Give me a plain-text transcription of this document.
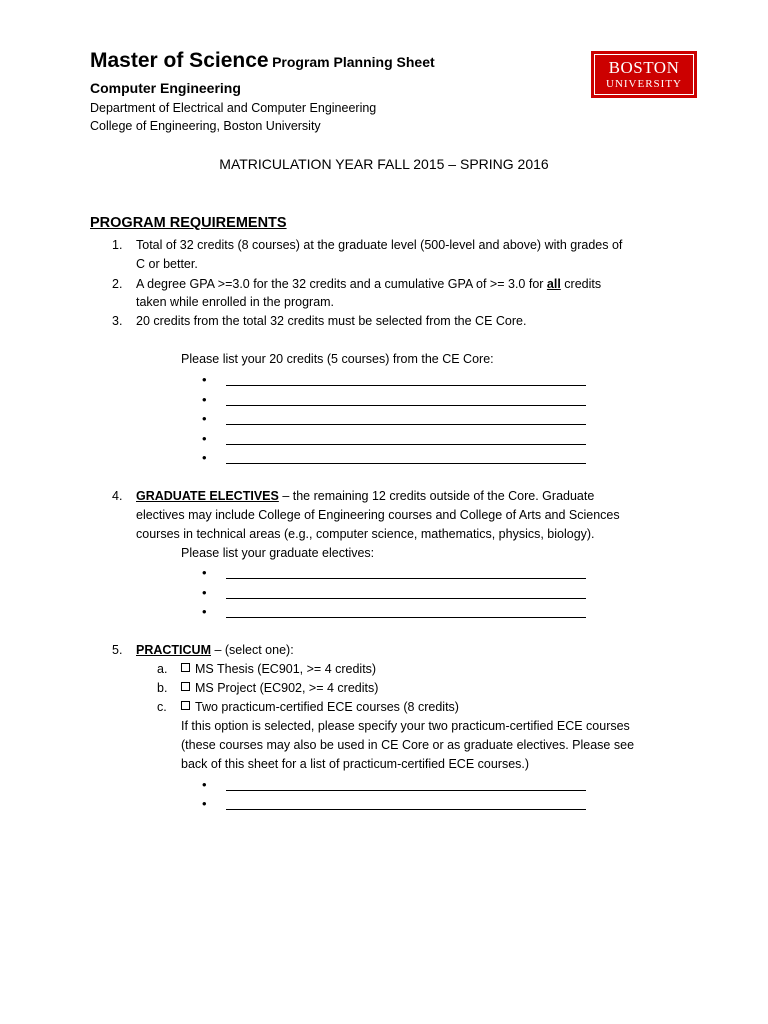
Master of Science Program Planning Sheet
Computer Engineering
Department of Electrical and Computer Engineering
College of Engineering, Boston University
BOSTON
UNIVERSITY
MATRICULATION YEAR FALL 2015 – SPRING 2016
PROGRAM REQUIREMENTS
1. Total of 32 credits (8 courses) at the graduate level (500-level and above) with grades of
C or better.
2. A degree GPA >=3.0 for the 32 credits and a cumulative GPA of >= 3.0 for all credits
taken while enrolled in the program.
3. 20 credits from the total 32 credits must be selected from the CE Core.
Please list your 20 credits (5 courses) from the CE Core:
•
•
•
•
•
4. GRADUATE ELECTIVES – the remaining 12 credits outside of the Core. Graduate
electives may include College of Engineering courses and College of Arts and Sciences
courses in technical areas (e.g., computer science, mathematics, physics, biology).
Please list your graduate electives:
•
•
•
5. PRACTICUM – (select one):
a.	MS Thesis (EC901, >= 4 credits)
b.	MS Project (EC902, >= 4 credits)
c.	Two practicum-certified ECE courses (8 credits)
If this option is selected, please specify your two practicum-certified ECE courses
(these courses may also be used in CE Core or as graduate electives. Please see
back of this sheet for a list of practicum-certified ECE courses.)
•
•
